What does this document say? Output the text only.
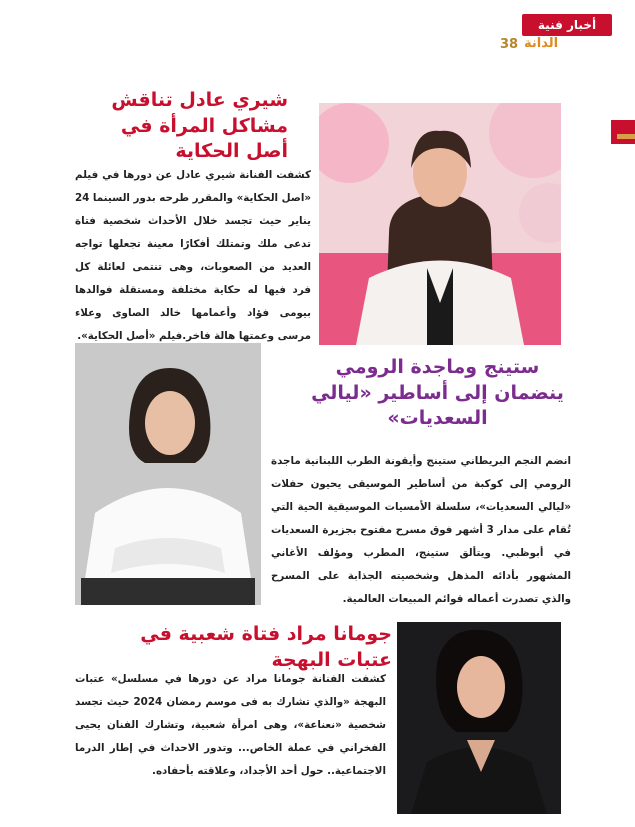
أخبار فنية
الدانة
38
شيري عادل تناقش مشاكل المرأة في أصل الحكاية
كشفت الفنانة شيري عادل عن دورها في فيلم «اصل الحكاية» والمقرر طرحه بدور السينما 24 يناير حيث تجسد خلال الأحداث شخصية فتاة تدعى ملك وتمتلك أفكارًا معينة تجعلها تواجه العديد من الصعوبات، وهى تنتمى لعائلة كل فرد فيها له حكاية مختلفة ومستقلة فوالدها بيومى فؤاد وأعمامها خالد الصاوى وعلاء مرسى وعمتها هالة فاخر.فيلم «أصل الحكاية».
ستينج وماجدة الرومي ينضمان إلى أساطير «ليالي السعديات»
انضم النجم البريطاني ستينج وأيقونة الطرب اللبنانية ماجدة الرومي إلى كوكبة من أساطير الموسيقى يحيون حفلات «ليالي السعديات»، سلسلة الأمسيات الموسيقية الحية التي تُقام على مدار 3 أشهر فوق مسرح مفتوح بجزيرة السعديات في أبوظبي. ويتألق ستينج، المطرب ومؤلف الأغاني المشهور بأدائه المذهل وشخصيته الجذابة على المسرح والذي تصدرت أعماله قوائم المبيعات العالمية.
جومانا مراد فتاة شعبية في عتبات البهجة
كشفت الفنانة جومانا مراد عن دورها في مسلسل» عتبات البهجة «والذي تشارك به فى موسم رمضان 2024 حيث تجسد شخصية «نعناعة»، وهى امرأة شعبية، وتشارك الفنان يحيى الفخراني في عملة الخاص... وتدور الاحداث في إطار الدرما الاجتماعية.. حول أحد الأجداد، وعلاقته بأحفاده.
